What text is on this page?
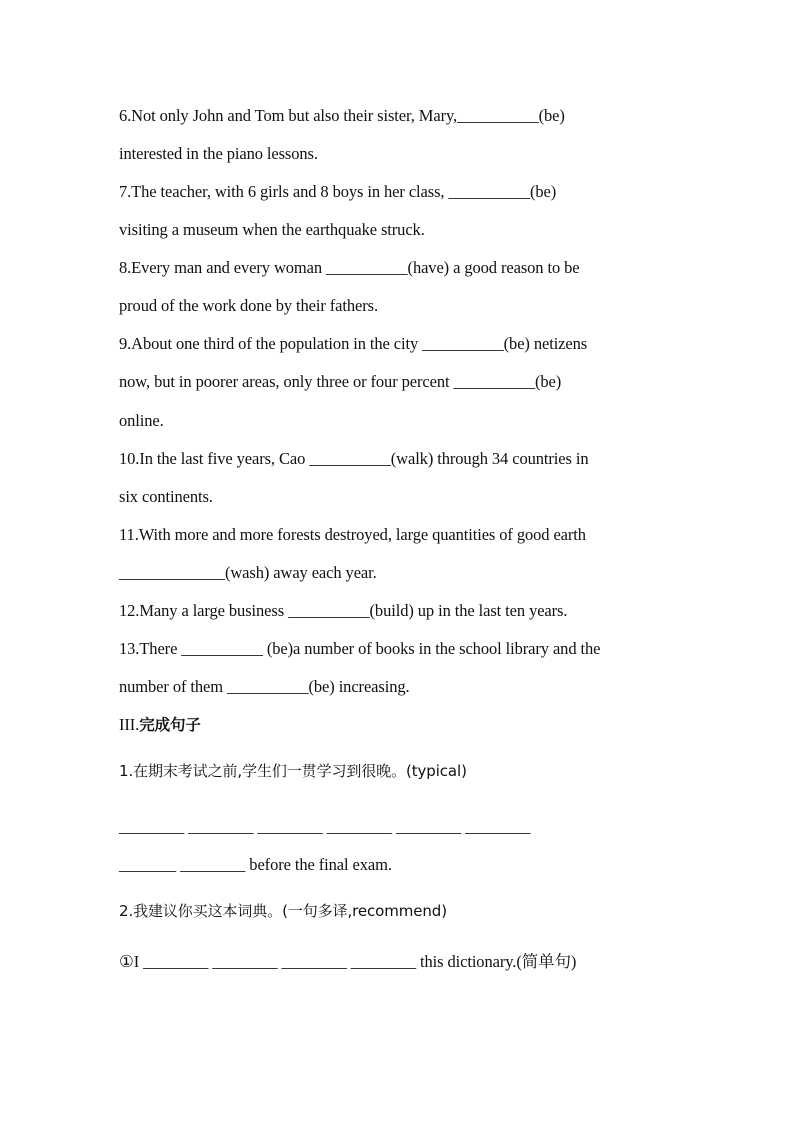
6.Not only John and Tom but also their sister, Mary,__________(be)
interested in the piano lessons.
7.The teacher, with 6 girls and 8 boys in her class, __________(be)
visiting a museum when the earthquake struck.
8.Every man and every woman __________(have) a good reason to be
proud of the work done by their fathers.
9.About one third of the population in the city __________(be) netizens
now, but in poorer areas, only three or four percent __________(be)
online.
10.In the last five years, Cao __________(walk) through 34 countries in
six continents.
11.With more and more forests destroyed, large quantities of good earth
_____________(wash) away each year.
12.Many a large business __________(build) up in the last ten years.
13.There __________ (be)a number of books in the school library and the
number of them __________(be) increasing.
III.完成句子
1.在期末考试之前,学生们一贯学习到很晚。(typical)
________ ________ ________ ________ ________ ________
_______ ________ before the final exam.
2.我建议你买这本词典。(一句多译,recommend)
①I ________ ________ ________ ________ this dictionary.(简单句)
